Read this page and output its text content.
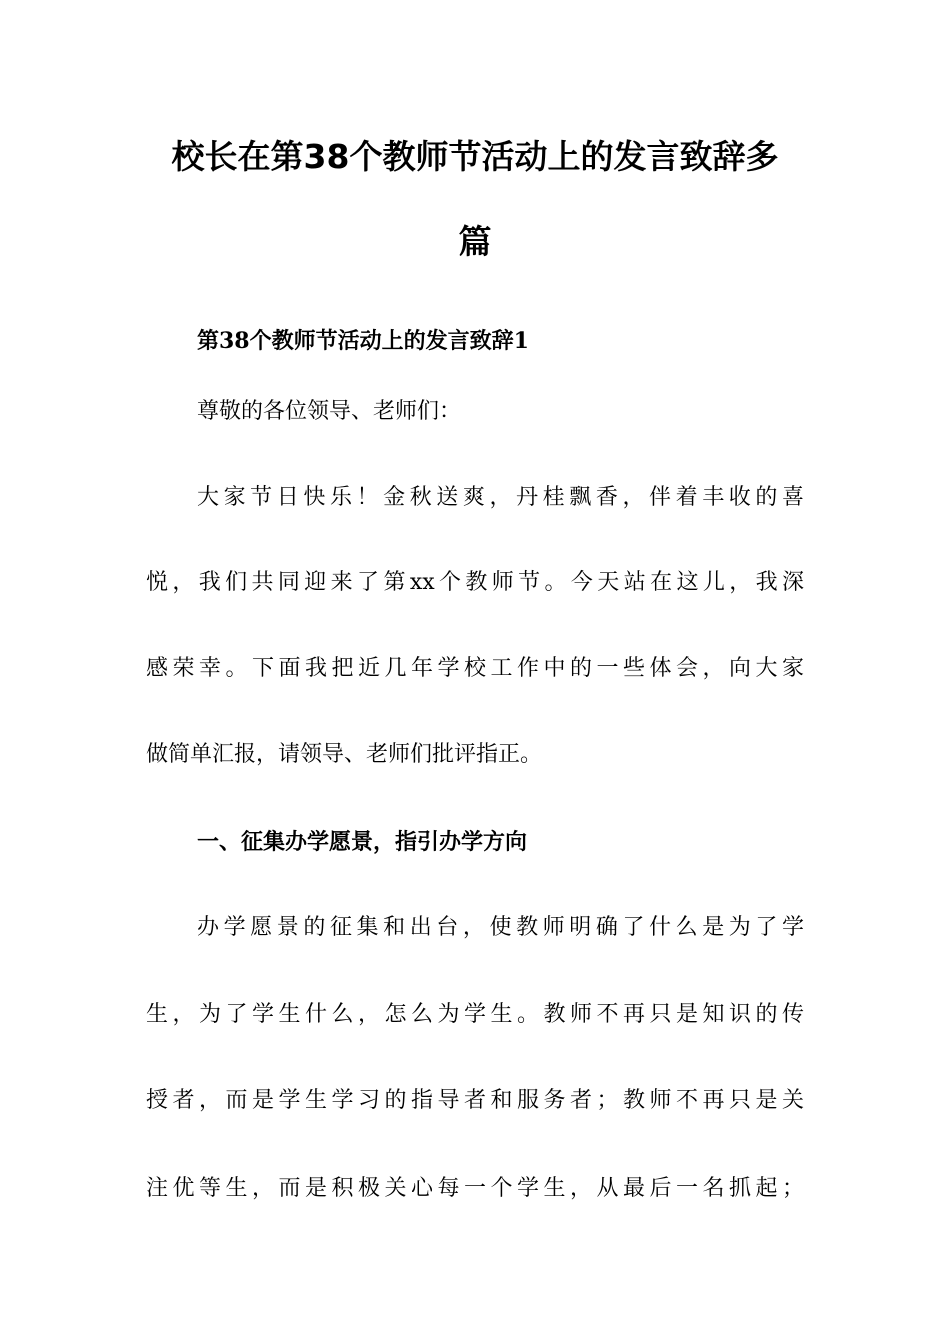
校长在第38个教师节活动上的发言致辞多
篇
第38个教师节活动上的发言致辞1
尊敬的各位领导、老师们：
大家节日快乐！金秋送爽，丹桂飘香，伴着丰收的喜
悦，我们共同迎来了第xx个教师节。今天站在这儿，我深
感荣幸。下面我把近几年学校工作中的一些体会，向大家
做简单汇报，请领导、老师们批评指正。
一、征集办学愿景，指引办学方向
办学愿景的征集和出台，使教师明确了什么是为了学
生，为了学生什么，怎么为学生。教师不再只是知识的传
授者，而是学生学习的指导者和服务者；教师不再只是关
注优等生，而是积极关心每一个学生，从最后一名抓起；
